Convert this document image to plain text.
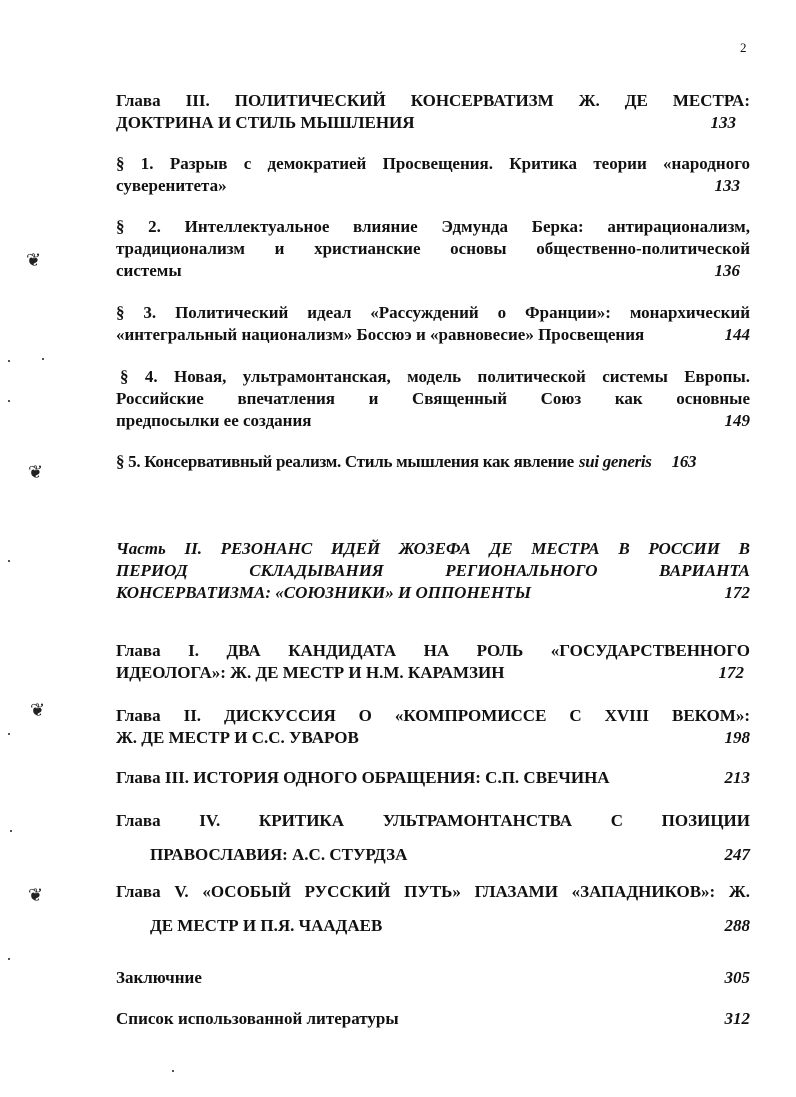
2
Глава III. ПОЛИТИЧЕСКИЙ КОНСЕРВАТИЗМ Ж. ДЕ МЕСТРА:
ДОКТРИНА И СТИЛЬ МЫШЛЕНИЯ	133
§ 1. Разрыв с демократией Просвещения. Критика теории «народного
суверенитета»	133
§ 2. Интеллектуальное влияние Эдмунда Берка: антирационализм,
традиционализм и христианские основы общественно-политической
системы	136
§ 3. Политический идеал «Рассуждений о Франции»: монархический
«интегральный национализм» Боссюэ и «равновесие» Просвещения	144
§ 4. Новая, ультрамонтанская, модель политической системы Европы.
Российские впечатления и Священный Союз как основные
предпосылки ее создания	149
§ 5. Консервативный реализм. Стиль мышления как явление sui generis 163
Часть II. РЕЗОНАНС ИДЕЙ ЖОЗЕФА ДЕ МЕСТРА В РОССИИ В
ПЕРИОД СКЛАДЫВАНИЯ РЕГИОНАЛЬНОГО ВАРИАНТА
КОНСЕРВАТИЗМА: «СОЮЗНИКИ» И ОППОНЕНТЫ	172
Глава I. ДВА КАНДИДАТА НА РОЛЬ «ГОСУДАРСТВЕННОГО
ИДЕОЛОГА»: Ж. ДЕ МЕСТР И Н.М. КАРАМЗИН	172
Глава II. ДИСКУССИЯ О «КОМПРОМИССЕ С XVIII ВЕКОМ»:
Ж. ДЕ МЕСТР И С.С. УВАРОВ	198
Глава III. ИСТОРИЯ ОДНОГО ОБРАЩЕНИЯ: С.П. СВЕЧИНА	213
Глава IV. КРИТИКА УЛЬТРАМОНТАНСТВА С ПОЗИЦИИ
ПРАВОСЛАВИЯ: А.С. СТУРДЗА	247
Глава V. «ОСОБЫЙ РУССКИЙ ПУТЬ» ГЛАЗАМИ «ЗАПАДНИКОВ»: Ж.
ДЕ МЕСТР И П.Я. ЧААДАЕВ	288
Заключние	305
Список использованной литературы	312
❦
❦
❦
❦
